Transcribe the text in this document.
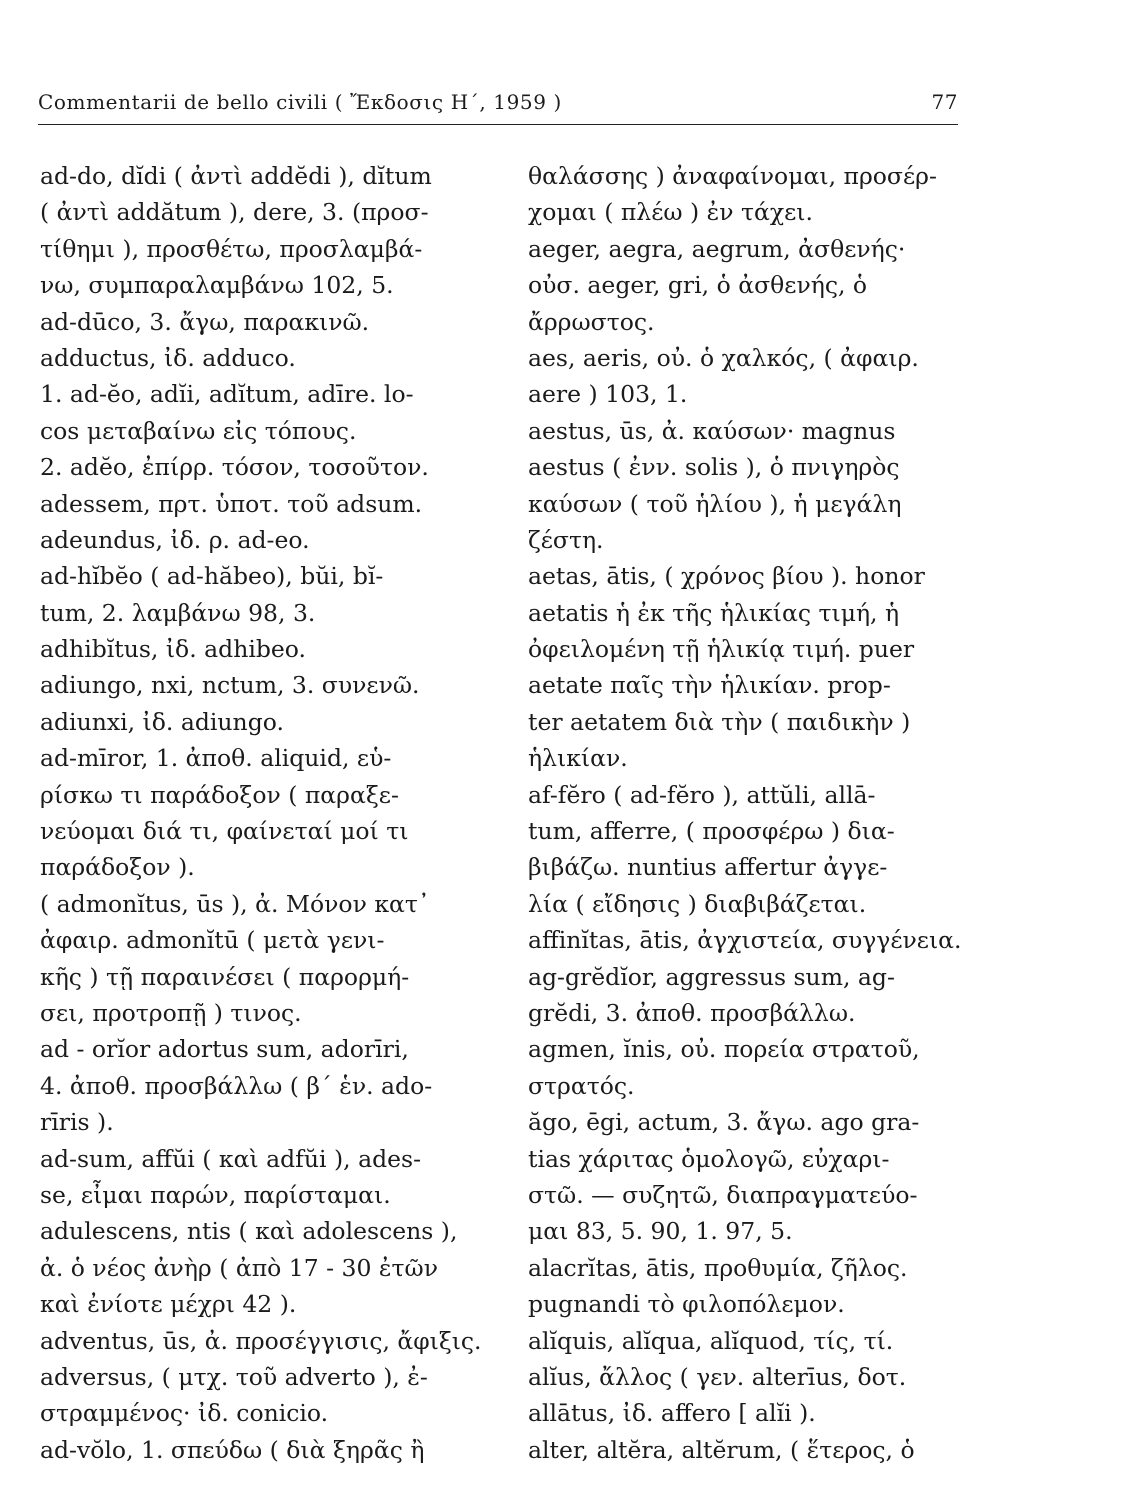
Commentarii de bello civili ( Ἔκδοσις Η΄, 1959 )	77
ad-do, dĭdi ( ἀντὶ addĕdi ), dĭtum
( ἀντὶ addătum ), dere, 3. (προσ-
τίθημι ), προσθέτω, προσλαμβά-
νω, συμπαραλαμβάνω 102, 5.
ad-dūco, 3. ἄγω, παρακινῶ.
adductus, ἰδ. adduco.
1. ad-ĕo, adĭi, adĭtum, adīre. lo-
cos μεταβαίνω εἰς τόπους.
2. adĕo, ἐπίρρ. τόσον, τοσοῦτον.
adessem, πρτ. ὑποτ. τοῦ adsum.
adeundus, ἰδ. ρ. ad-eo.
ad-hĭbĕo ( ad-hăbeo), bŭi, bĭ-
tum, 2. λαμβάνω 98, 3.
adhibĭtus, ἰδ. adhibeo.
adiungo, nxi, nctum, 3. συνενῶ.
adiunxi, ἰδ. adiungo.
ad-mīror, 1. ἀποθ. aliquid, εὑ-
ρίσκω τι παράδοξον ( παραξε-
νεύομαι διά τι, φαίνεταί μοί τι
παράδοξον ).
( admonĭtus, ūs ), ἀ. Μόνον κατ᾿
ἀφαιρ. admonĭtū ( μετὰ γενι-
κῆς ) τῇ παραινέσει ( παρορμή-
σει, προτροπῇ ) τινος.
ad - orĭor adortus sum, adorīri,
4. ἀποθ. προσβάλλω ( β΄ ἑν. ado-
rīris ).
ad-sum, affŭi ( καὶ adfŭi ), ades-
se, εἶμαι παρών, παρίσταμαι.
adulescens, ntis ( καὶ adolescens ),
ἀ. ὁ νέος ἀνὴρ ( ἀπὸ 17 - 30 ἐτῶν
καὶ ἐνίοτε μέχρι 42 ).
adventus, ūs, ἀ. προσέγγισις, ἄφιξις.
adversus, ( μτχ. τοῦ adverto ), ἐ-
στραμμένος· ἰδ. conicio.
ad-vŏlo, 1. σπεύδω ( διὰ ξηρᾶς ἢ
θαλάσσης ) ἀναφαίνομαι, προσέρ-
χομαι ( πλέω ) ἐν τάχει.
aeger, aegra, aegrum, ἀσθενής·
οὐσ. aeger, gri, ὁ ἀσθενής, ὁ
ἄρρωστος.
aes, aeris, οὐ. ὁ χαλκός, ( ἀφαιρ.
aere ) 103, 1.
aestus, ūs, ἀ. καύσων· magnus
aestus ( ἐνν. solis ), ὁ πνιγηρὸς
καύσων ( τοῦ ἡλίου ), ἡ μεγάλη
ζέστη.
aetas, ātis, ( χρόνος βίου ). honor
aetatis ἡ ἐκ τῆς ἡλικίας τιμή, ἡ
ὀφειλομένη τῇ ἡλικίᾳ τιμή. puer
aetate παῖς τὴν ἡλικίαν. prop-
ter aetatem διὰ τὴν ( παιδικὴν )
ἡλικίαν.
af-fĕro ( ad-fĕro ), attŭli, allā-
tum, afferre, ( προσφέρω ) δια-
βιβάζω. nuntius affertur ἀγγε-
λία ( εἴδησις ) διαβιβάζεται.
affinĭtas, ātis, ἀγχιστεία, συγγένεια.
ag-grĕdĭor, aggressus sum, ag-
grĕdi, 3. ἀποθ. προσβάλλω.
agmen, ĭnis, οὐ. πορεία στρατοῦ,
στρατός.
ăgo, ēgi, actum, 3. ἄγω. ago gra-
tias χάριτας ὁμολογῶ, εὐχαρι-
στῶ. — συζητῶ, διαπραγματεύο-
μαι 83, 5. 90, 1. 97, 5.
alacrĭtas, ātis, προθυμία, ζῆλος.
pugnandi τὸ φιλοπόλεμον.
alĭquis, alĭqua, alĭquod, τίς, τί.
alĭus, ἄλλος ( γεν. alterīus, δοτ.
allātus, ἰδ. affero [ alĭi ).
alter, altĕra, altĕrum, ( ἕτερος, ὁ
